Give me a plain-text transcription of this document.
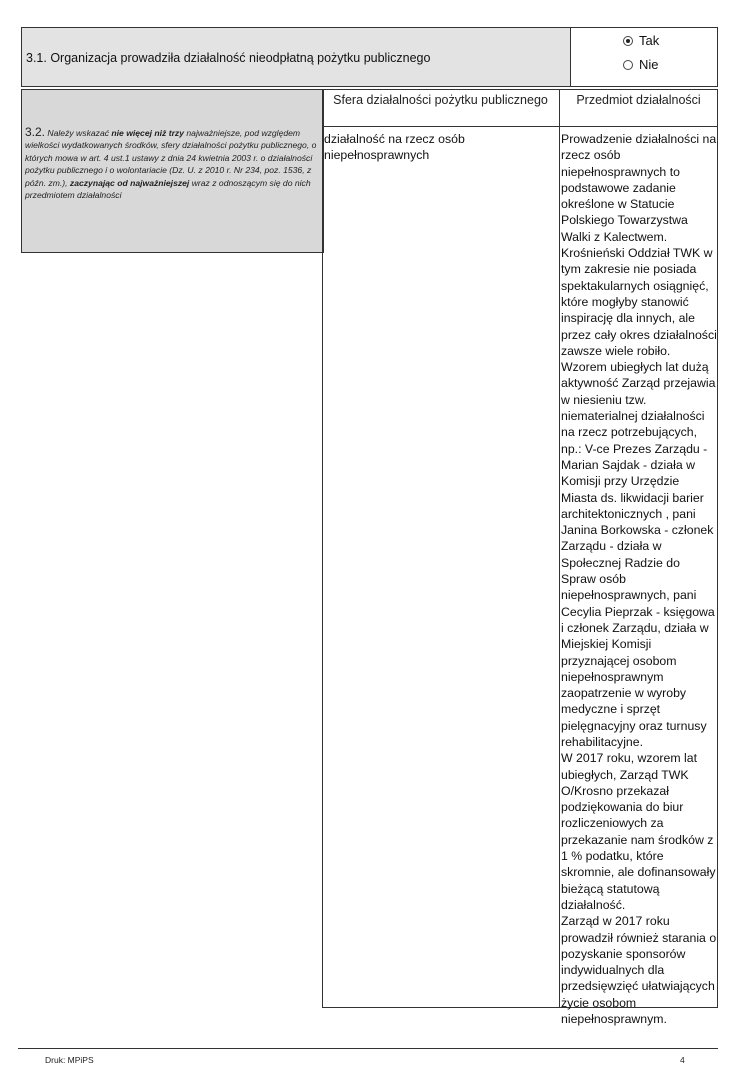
3.1. Organizacja prowadziła działalność nieodpłatną pożytku publicznego
Tak
Nie
3.2. Należy wskazać nie więcej niż trzy najważniejsze, pod względem wielkości wydatkowanych środków, sfery działalności pożytku publicznego, o których mowa w art. 4 ust.1 ustawy z dnia 24 kwietnia 2003 r. o działalności pożytku publicznego i o wolontariacie (Dz. U. z 2010 r. Nr 234, poz. 1536, z późn. zm.), zaczynając od najważniejszej wraz z odnoszącym się do nich przedmiotem działalności
Sfera działalności pożytku publicznego	Przedmiot działalności
działalność na rzecz osób niepełnosprawnych
Prowadzenie działalności na rzecz osób niepełnosprawnych to podstawowe zadanie określone w Statucie Polskiego Towarzystwa Walki z Kalectwem. Krośnieński Oddział TWK w tym zakresie nie posiada spektakularnych osiągnięć, które mogłyby stanowić inspirację dla innych, ale przez cały okres działalności zawsze wiele robiło. Wzorem ubiegłych lat dużą aktywność Zarząd przejawia w niesieniu tzw. niematerialnej działalności na rzecz potrzebujących, np.: V-ce Prezes Zarządu - Marian Sajdak - działa w Komisji przy Urzędzie Miasta ds. likwidacji barier architektonicznych , pani Janina Borkowska - członek Zarządu - działa w Społecznej Radzie do Spraw osób niepełnosprawnych, pani Cecylia Pieprzak - księgowa i członek Zarządu, działa w Miejskiej Komisji przyznającej osobom niepełnosprawnym zaopatrzenie w wyroby medyczne i sprzęt pielęgnacyjny oraz turnusy rehabilitacyjne.
W 2017 roku, wzorem lat ubiegłych, Zarząd TWK O/Krosno przekazał podziękowania do biur rozliczeniowych za przekazanie nam środków z 1 % podatku, które skromnie, ale dofinansowały bieżącą statutową działalność.
Zarząd w 2017 roku prowadził również starania o pozyskanie sponsorów indywidualnych dla przedsięwzięć ułatwiających życie osobom niepełnosprawnym.
Druk: MPiPS	4
